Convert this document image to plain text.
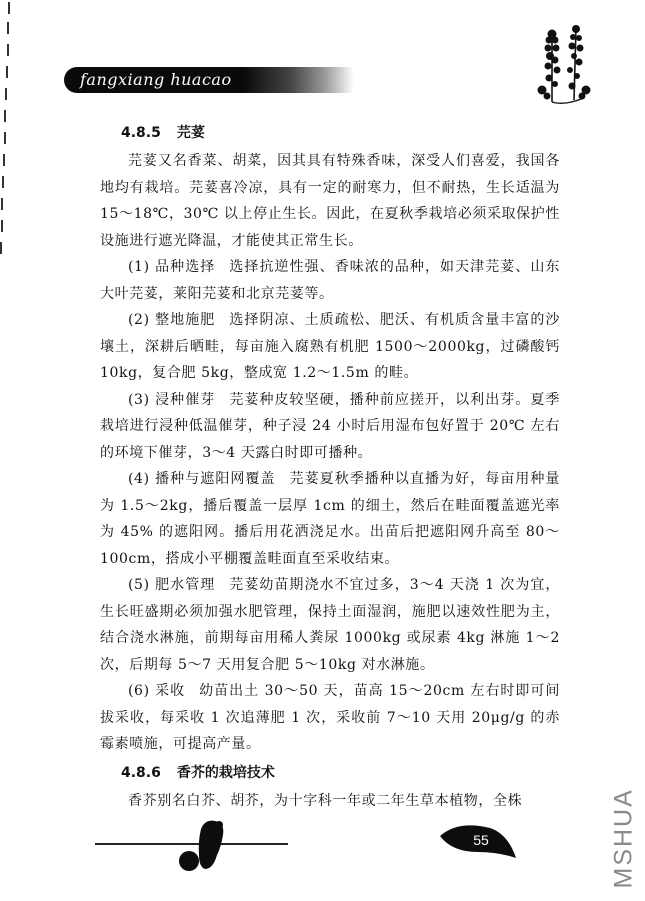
fangxiang huacao
4.8.5 芫荽

芫荽又名香菜、胡菜，因其具有特殊香味，深受人们喜爱，我国各地均有栽培。芫荽喜冷凉，具有一定的耐寒力，但不耐热，生长适温为 15～18℃，30℃ 以上停止生长。因此，在夏秋季栽培必须采取保护性设施进行遮光降温，才能使其正常生长。

(1) 品种选择 选择抗逆性强、香味浓的品种，如天津芫荽、山东大叶芫荽，莱阳芫荽和北京芫荽等。

(2) 整地施肥 选择阴凉、土质疏松、肥沃、有机质含量丰富的沙壤土，深耕后晒畦，每亩施入腐熟有机肥 1500～2000kg，过磷酸钙 10kg，复合肥 5kg，整成宽 1.2～1.5m 的畦。

(3) 浸种催芽 芫荽种皮较坚硬，播种前应搓开，以利出芽。夏季栽培进行浸种低温催芽，种子浸 24 小时后用湿布包好置于 20℃ 左右的环境下催芽，3～4 天露白时即可播种。

(4) 播种与遮阳网覆盖 芫荽夏秋季播种以直播为好，每亩用种量为 1.5～2kg，播后覆盖一层厚 1cm 的细土，然后在畦面覆盖遮光率为 45% 的遮阳网。播后用花洒浇足水。出苗后把遮阳网升高至 80～100cm，搭成小平棚覆盖畦面直至采收结束。

(5) 肥水管理 芫荽幼苗期浇水不宜过多，3～4 天浇 1 次为宜，生长旺盛期必须加强水肥管理，保持土面湿润，施肥以速效性肥为主，结合浇水淋施，前期每亩用稀人粪尿 1000kg 或尿素 4kg 淋施 1～2 次，后期每 5～7 天用复合肥 5～10kg 对水淋施。

(6) 采收 幼苗出土 30～50 天，苗高 15～20cm 左右时即可间拔采收，每采收 1 次追薄肥 1 次，采收前 7～10 天用 20μg/g 的赤霉素喷施，可提高产量。

4.8.6 香芥的栽培技术

香芥别名白芥、胡芥，为十字科一年或二年生草本植物，全株

55	MSHUA
